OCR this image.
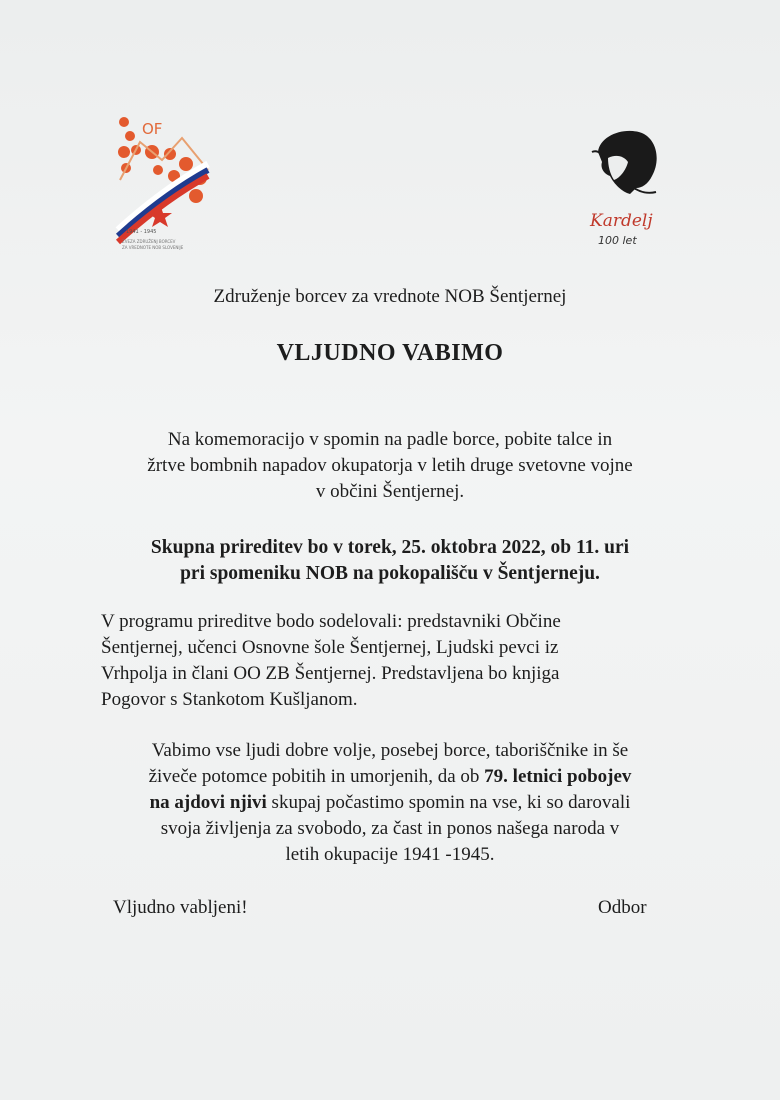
OF
1941 - 1945
ZVEZA ZDRUŽENJ BORCEV
ZA VREDNOTE NOB SLOVENIJE
Kardelj
100 let
Združenje borcev za vrednote NOB Šentjernej
VLJUDNO VABIMO

Na komemoracijo v spomin na padle borce, pobite talce in

žrtve bombnih napadov okupatorja v letih druge svetovne vojne

v občini Šentjernej.

Skupna prireditev bo v torek, 25. oktobra 2022, ob 11. uri

pri spomeniku NOB na pokopališču v Šentjerneju.

V programu prireditve bodo sodelovali: predstavniki Občine

Šentjernej, učenci Osnovne šole Šentjernej, Ljudski pevci iz

Vrhpolja in člani OO ZB Šentjernej. Predstavljena bo knjiga

Pogovor s Stankotom Kušljanom.

Vabimo vse ljudi dobre volje, posebej borce, taboriščnike in še

živeče potomce pobitih in umorjenih, da ob 79. letnici pobojev

na ajdovi njivi skupaj počastimo spomin na vse, ki so darovali

svoja življenja za svobodo, za čast in ponos našega naroda v

letih okupacije 1941 -1945.

Vljudno vabljeni!	Odbor
